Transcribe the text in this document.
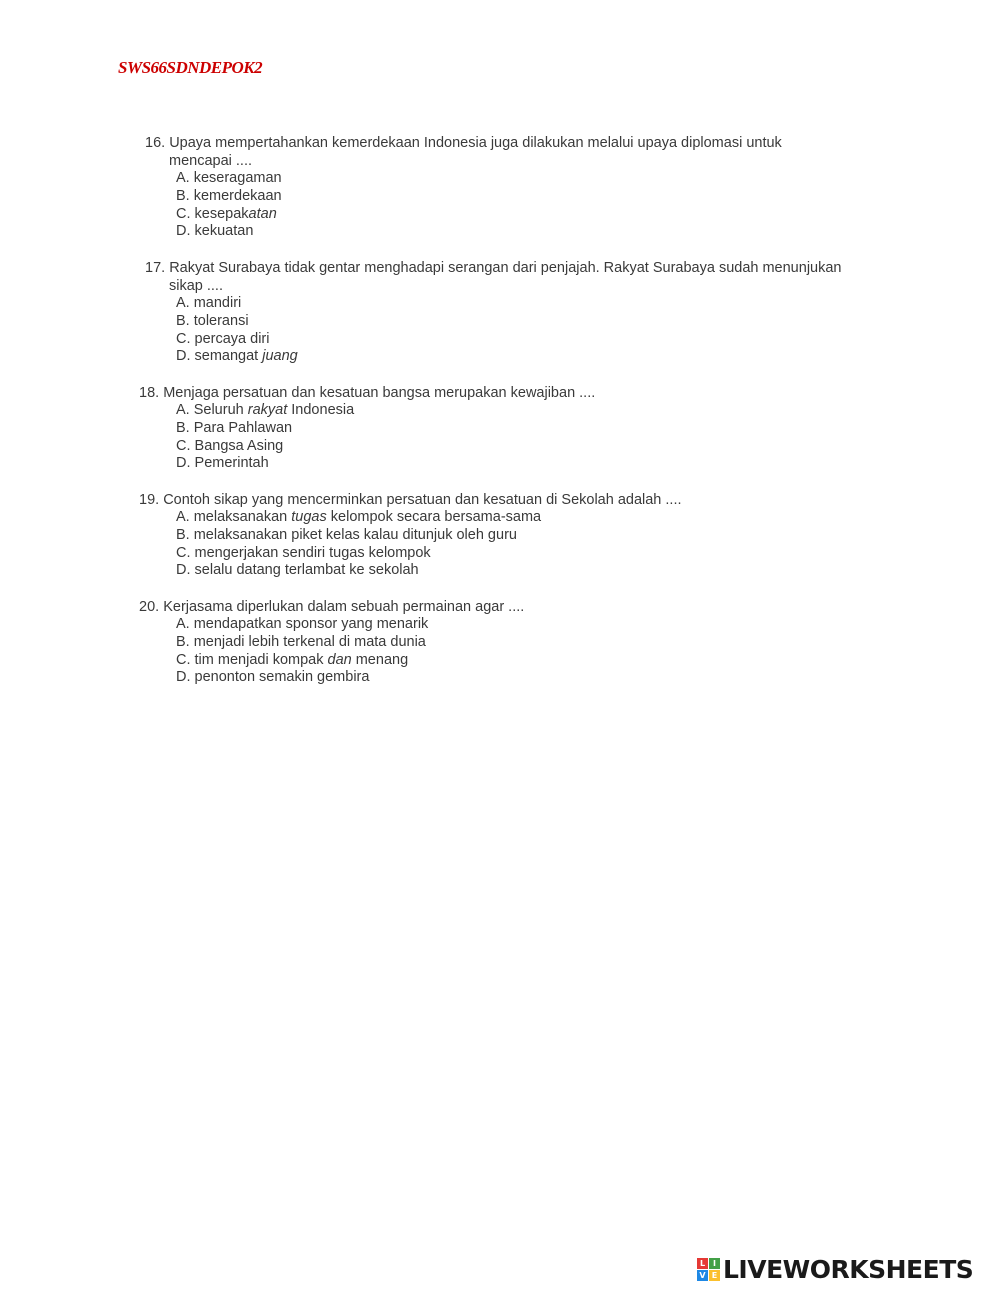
SWS66SDNDEPOK2

16. Upaya mempertahankan kemerdekaan Indonesia juga dilakukan melalui upaya diplomasi untuk
mencapai ....

A. keseragaman
B. kemerdekaan
C. kesepakatan
D. kekuatan

17. Rakyat Surabaya tidak gentar menghadapi serangan dari penjajah. Rakyat Surabaya sudah menunjukan
sikap ....

A. mandiri
B. toleransi
C. percaya diri
D. semangat juang

18. Menjaga persatuan dan kesatuan bangsa merupakan kewajiban ....

A. Seluruh rakyat Indonesia
B. Para Pahlawan
C. Bangsa Asing
D. Pemerintah

19. Contoh sikap yang mencerminkan persatuan dan kesatuan di Sekolah adalah ....

A. melaksanakan tugas kelompok secara bersama-sama
B. melaksanakan piket kelas kalau ditunjuk oleh guru
C. mengerjakan sendiri tugas kelompok
D. selalu datang terlambat ke sekolah

20. Kerjasama diperlukan dalam sebuah permainan agar ....

A. mendapatkan sponsor yang menarik
B. menjadi lebih terkenal di mata dunia
C. tim menjadi kompak dan menang
D. penonton semakin gembira
L I
V E LIVEWORKSHEETS
